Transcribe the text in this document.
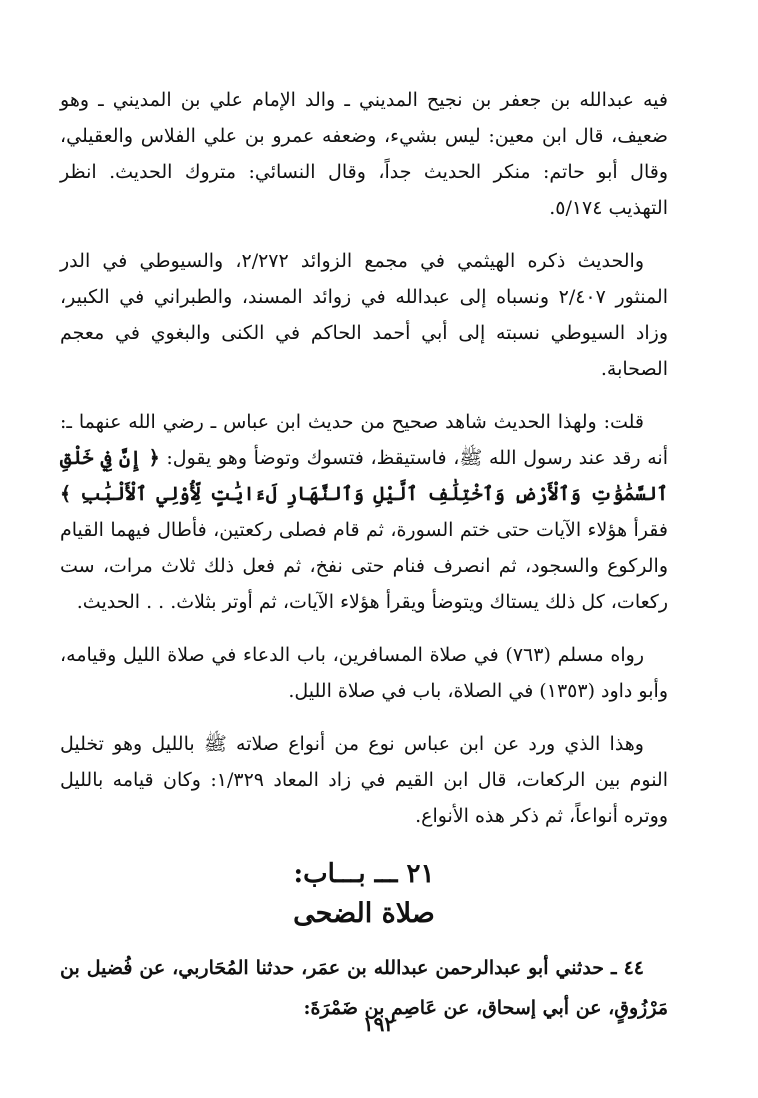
فيه عبدالله بن جعفر بن نجيح المديني ـ والد الإمام علي بن المديني ـ وهو ضعيف، قال ابن معين: ليس بشيء، وضعفه عمرو بن علي الفلاس والعقيلي، وقال أبو حاتم: منكر الحديث جداً، وقال النسائي: متروك الحديث. انظر التهذيب ٥/١٧٤.

والحديث ذكره الهيثمي في مجمع الزوائد ٢/٢٧٢، والسيوطي في الدر المنثور ٢/٤٠٧ ونسباه إلى عبدالله في زوائد المسند، والطبراني في الكبير، وزاد السيوطي نسبته إلى أبي أحمد الحاكم في الكنى والبغوي في معجم الصحابة.

قلت: ولهذا الحديث شاهد صحيح من حديث ابن عباس ـ رضي الله عنهما ـ: أنه رقد عند رسول الله ﷺ، فاستيقظ، فتسوك وتوضأ وهو يقول: ﴿ إِنَّ فِي خَلْقِ ٱلسَّمَٰوَٰتِ وَٱلْأَرْضِ وَٱخْتِلَٰفِ ٱلَّيْلِ وَٱلنَّهَارِ لَءَايَٰتٍ لِّأُوْلِي ٱلْأَلْبَٰبِ ﴾ فقرأ هؤلاء الآيات حتى ختم السورة، ثم قام فصلى ركعتين، فأطال فيهما القيام والركوع والسجود، ثم انصرف فنام حتى نفخ، ثم فعل ذلك ثلاث مرات، ست ركعات، كل ذلك يستاك ويتوضأ ويقرأ هؤلاء الآيات، ثم أوتر بثلاث. . . الحديث.

رواه مسلم (٧٦٣) في صلاة المسافرين، باب الدعاء في صلاة الليل وقيامه، وأبو داود (١٣٥٣) في الصلاة، باب في صلاة الليل.

وهذا الذي ورد عن ابن عباس نوع من أنواع صلاته ﷺ بالليل وهو تخليل النوم بين الركعات، قال ابن القيم في زاد المعاد ١/٣٢٩: وكان قيامه بالليل ووتره أنواعاً، ثم ذكر هذه الأنواع.

٢١ ـــ بـــاب:
صلاة الضحى

٤٤ ـ حدثني أبو عبدالرحمن عبدالله بن عمَر، حدثنا المُحَاربي، عن فُضيل بن مَرْزُوقٍ، عن أبي إسحاق، عن عَاصِمِ بن ضَمْرَةَ:

١٩٢
